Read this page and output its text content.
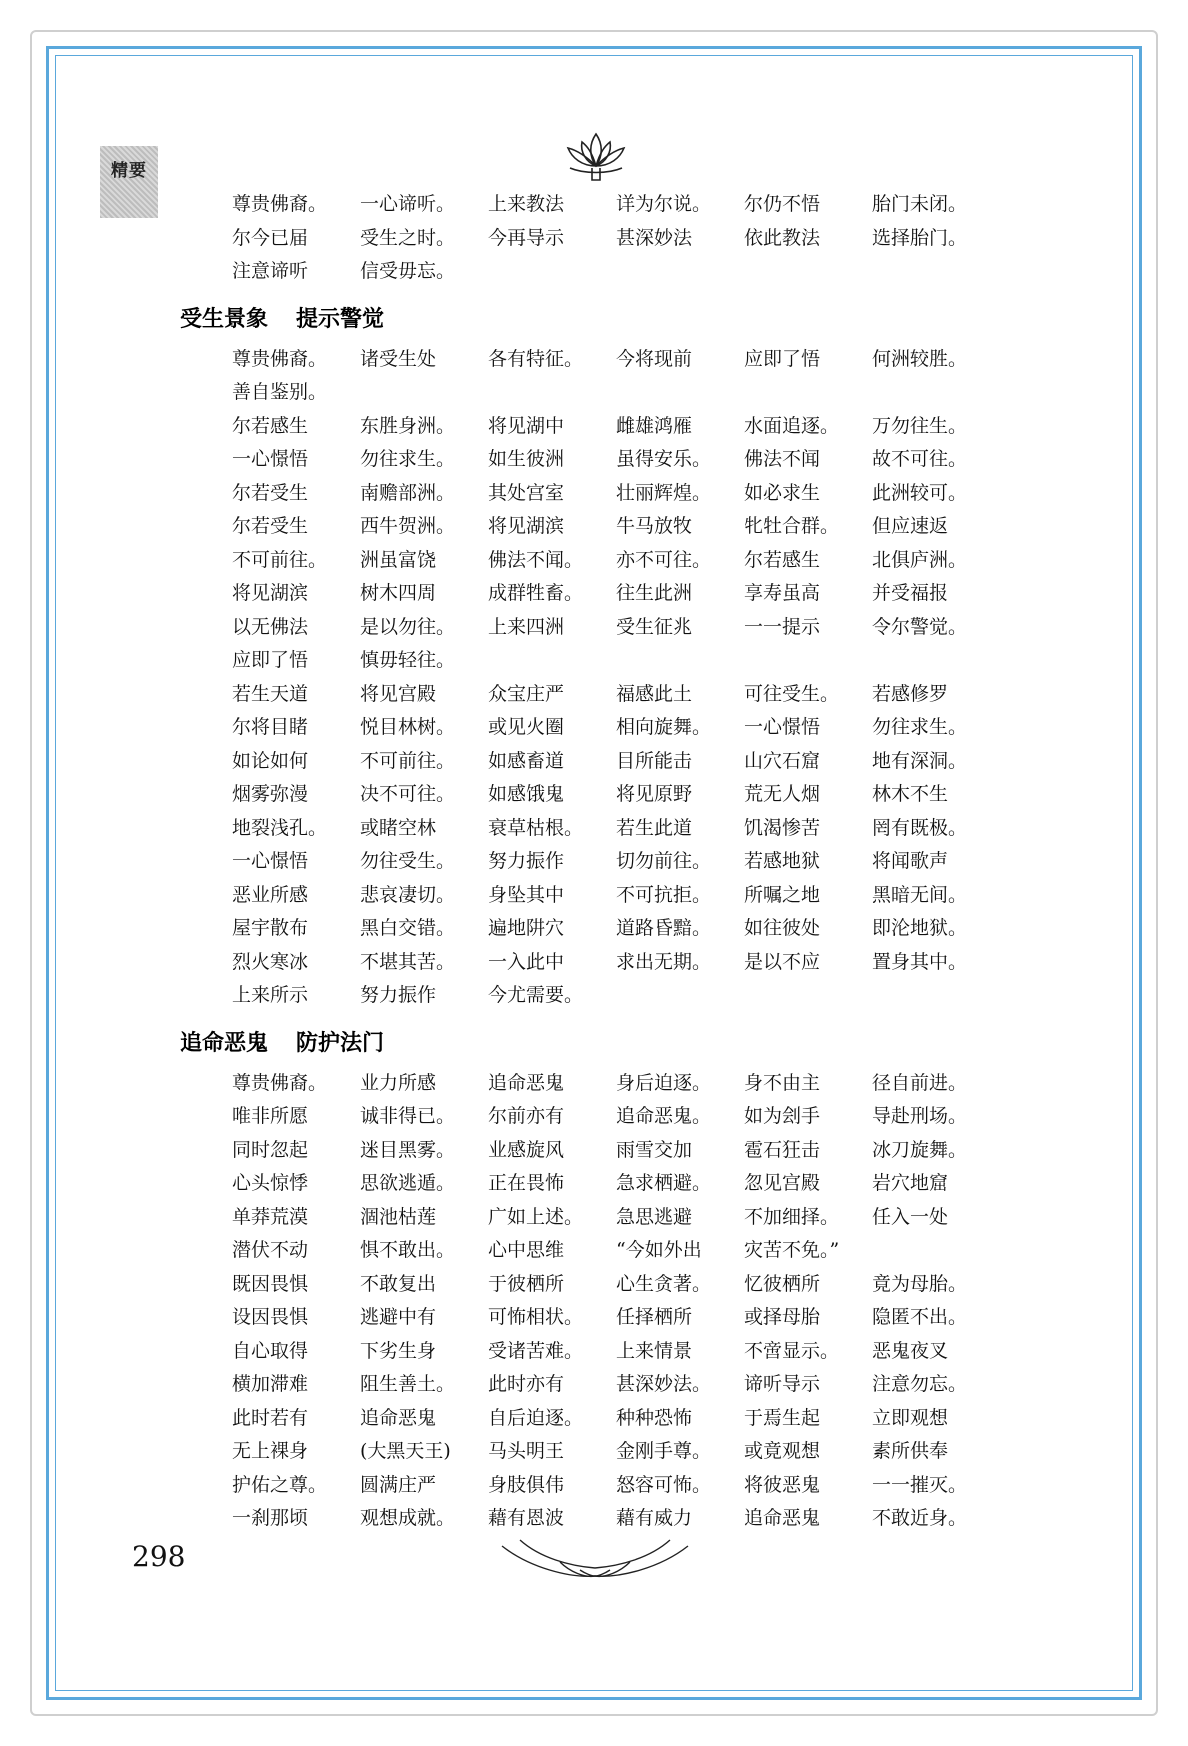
精要
尊贵佛裔。	一心谛听。	上来教法	详为尔说。	尔仍不悟	胎门未闭。
尔今已届	受生之时。	今再导示	甚深妙法	依此教法	选择胎门。
注意谛听	信受毋忘。
受生景象 提示警觉
尊贵佛裔。	诸受生处	各有特征。	今将现前	应即了悟	何洲较胜。
善自鉴别。
尔若感生	东胜身洲。	将见湖中	雌雄鸿雁	水面追逐。	万勿往生。
一心憬悟	勿往求生。	如生彼洲	虽得安乐。	佛法不闻	故不可往。
尔若受生	南赡部洲。	其处宫室	壮丽辉煌。	如必求生	此洲较可。
尔若受生	西牛贺洲。	将见湖滨	牛马放牧	牝牡合群。	但应速返
不可前往。	洲虽富饶	佛法不闻。	亦不可往。	尔若感生	北俱庐洲。
将见湖滨	树木四周	成群牲畜。	往生此洲	享寿虽高	并受福报
以无佛法	是以勿往。	上来四洲	受生征兆	一一提示	令尔警觉。
应即了悟	慎毋轻往。
若生天道	将见宫殿	众宝庄严	福感此土	可往受生。	若感修罗
尔将目睹	悦目林树。	或见火圈	相向旋舞。	一心憬悟	勿往求生。
如论如何	不可前往。	如感畜道	目所能击	山穴石窟	地有深洞。
烟雾弥漫	决不可往。	如感饿鬼	将见原野	荒无人烟	林木不生
地裂浅孔。	或睹空林	衰草枯根。	若生此道	饥渴惨苦	罔有既极。
一心憬悟	勿往受生。	努力振作	切勿前往。	若感地狱	将闻歌声
恶业所感	悲哀凄切。	身坠其中	不可抗拒。	所嘱之地	黑暗无间。
屋宇散布	黑白交错。	遍地阱穴	道路昏黯。	如往彼处	即沦地狱。
烈火寒冰	不堪其苦。	一入此中	求出无期。	是以不应	置身其中。
上来所示	努力振作	今尤需要。
追命恶鬼 防护法门
尊贵佛裔。	业力所感	追命恶鬼	身后迫逐。	身不由主	径自前进。
唯非所愿	诚非得已。	尔前亦有	追命恶鬼。	如为刽手	导赴刑场。
同时忽起	迷目黑雾。	业感旋风	雨雪交加	雹石狂击	冰刀旋舞。
心头惊悸	思欲逃遁。	正在畏怖	急求栖避。	忽见宫殿	岩穴地窟
单莽荒漠	涸池枯莲	广如上述。	急思逃避	不加细择。	任入一处
潜伏不动	惧不敢出。	心中思维	“今如外出	灾苦不免。”
既因畏惧	不敢复出	于彼栖所	心生贪著。	忆彼栖所	竟为母胎。
设因畏惧	逃避中有	可怖相状。	任择栖所	或择母胎	隐匿不出。
自心取得	下劣生身	受诸苦难。	上来情景	不啻显示。	恶鬼夜叉
横加滞难	阻生善土。	此时亦有	甚深妙法。	谛听导示	注意勿忘。
此时若有	追命恶鬼	自后迫逐。	种种恐怖	于焉生起	立即观想
无上裸身	(大黑天王)	马头明王	金刚手尊。	或竟观想	素所供奉
护佑之尊。	圆满庄严	身肢俱伟	怒容可怖。	将彼恶鬼	一一摧灭。
一刹那顷	观想成就。	藉有恩波	藉有威力	追命恶鬼	不敢近身。
298
